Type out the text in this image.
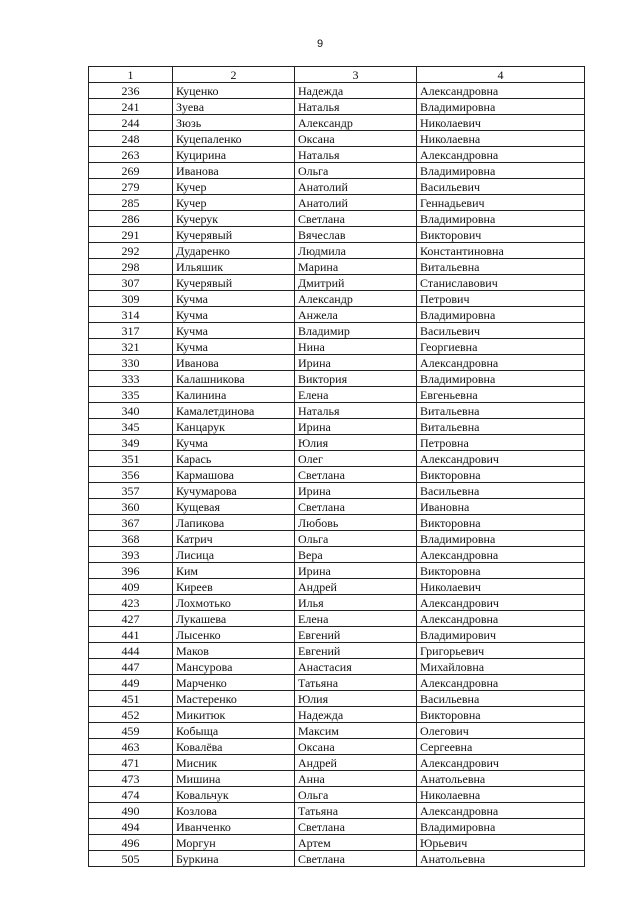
9
1	2	3	4
236	Куценко	Надежда	Александровна
241	Зуева	Наталья	Владимировна
244	Зюзь	Александр	Николаевич
248	Куцепаленко	Оксана	Николаевна
263	Куцирина	Наталья	Александровна
269	Иванова	Ольга	Владимировна
279	Кучер	Анатолий	Васильевич
285	Кучер	Анатолий	Геннадьевич
286	Кучерук	Светлана	Владимировна
291	Кучерявый	Вячеслав	Викторович
292	Дударенко	Людмила	Константиновна
298	Ильяшик	Марина	Витальевна
307	Кучерявый	Дмитрий	Станиславович
309	Кучма	Александр	Петрович
314	Кучма	Анжела	Владимировна
317	Кучма	Владимир	Васильевич
321	Кучма	Нина	Георгиевна
330	Иванова	Ирина	Александровна
333	Калашникова	Виктория	Владимировна
335	Калинина	Елена	Евгеньевна
340	Камалетдинова	Наталья	Витальевна
345	Канцарук	Ирина	Витальевна
349	Кучма	Юлия	Петровна
351	Карась	Олег	Александрович
356	Кармашова	Светлана	Викторовна
357	Кучумарова	Ирина	Васильевна
360	Кущевая	Светлана	Ивановна
367	Лапикова	Любовь	Викторовна
368	Катрич	Ольга	Владимировна
393	Лисица	Вера	Александровна
396	Ким	Ирина	Викторовна
409	Киреев	Андрей	Николаевич
423	Лохмотько	Илья	Александрович
427	Лукашева	Елена	Александровна
441	Лысенко	Евгений	Владимирович
444	Маков	Евгений	Григорьевич
447	Мансурова	Анастасия	Михайловна
449	Марченко	Татьяна	Александровна
451	Мастеренко	Юлия	Васильевна
452	Микитюк	Надежда	Викторовна
459	Кобыща	Максим	Олегович
463	Ковалёва	Оксана	Сергеевна
471	Мисник	Андрей	Александрович
473	Мишина	Анна	Анатольевна
474	Ковальчук	Ольга	Николаевна
490	Козлова	Татьяна	Александровна
494	Иванченко	Светлана	Владимировна
496	Моргун	Артем	Юрьевич
505	Буркина	Светлана	Анатольевна
